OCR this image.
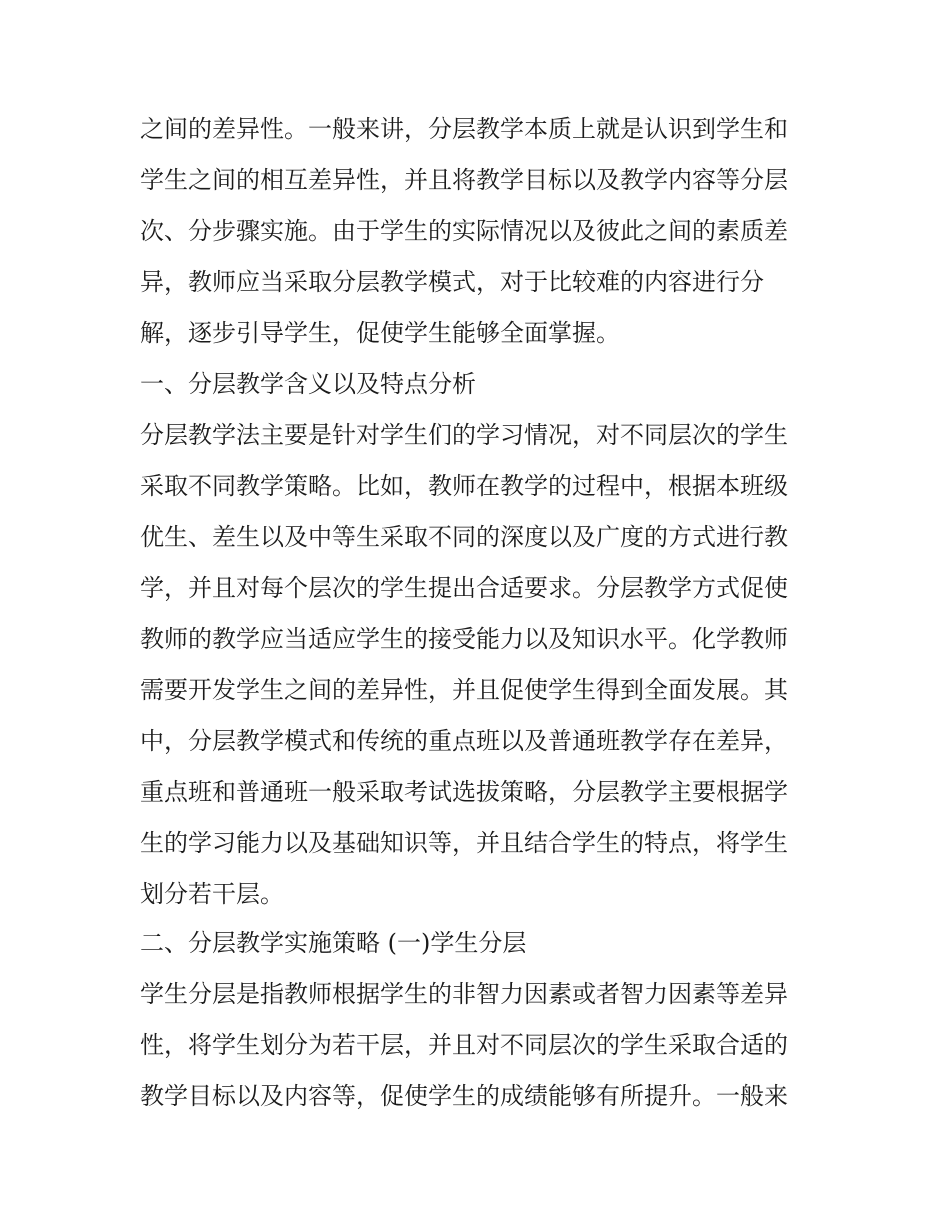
之间的差异性。一般来讲，分层教学本质上就是认识到学生和
学生之间的相互差异性，并且将教学目标以及教学内容等分层
次、分步骤实施。由于学生的实际情况以及彼此之间的素质差
异，教师应当采取分层教学模式，对于比较难的内容进行分
解，逐步引导学生，促使学生能够全面掌握。
一、分层教学含义以及特点分析
分层教学法主要是针对学生们的学习情况，对不同层次的学生
采取不同教学策略。比如，教师在教学的过程中，根据本班级
优生、差生以及中等生采取不同的深度以及广度的方式进行教
学，并且对每个层次的学生提出合适要求。分层教学方式促使
教师的教学应当适应学生的接受能力以及知识水平。化学教师
需要开发学生之间的差异性，并且促使学生得到全面发展。其
中，分层教学模式和传统的重点班以及普通班教学存在差异，
重点班和普通班一般采取考试选拔策略，分层教学主要根据学
生的学习能力以及基础知识等，并且结合学生的特点，将学生
划分若干层。
二、分层教学实施策略 (一)学生分层
学生分层是指教师根据学生的非智力因素或者智力因素等差异
性，将学生划分为若干层，并且对不同层次的学生采取合适的
教学目标以及内容等，促使学生的成绩能够有所提升。一般来
